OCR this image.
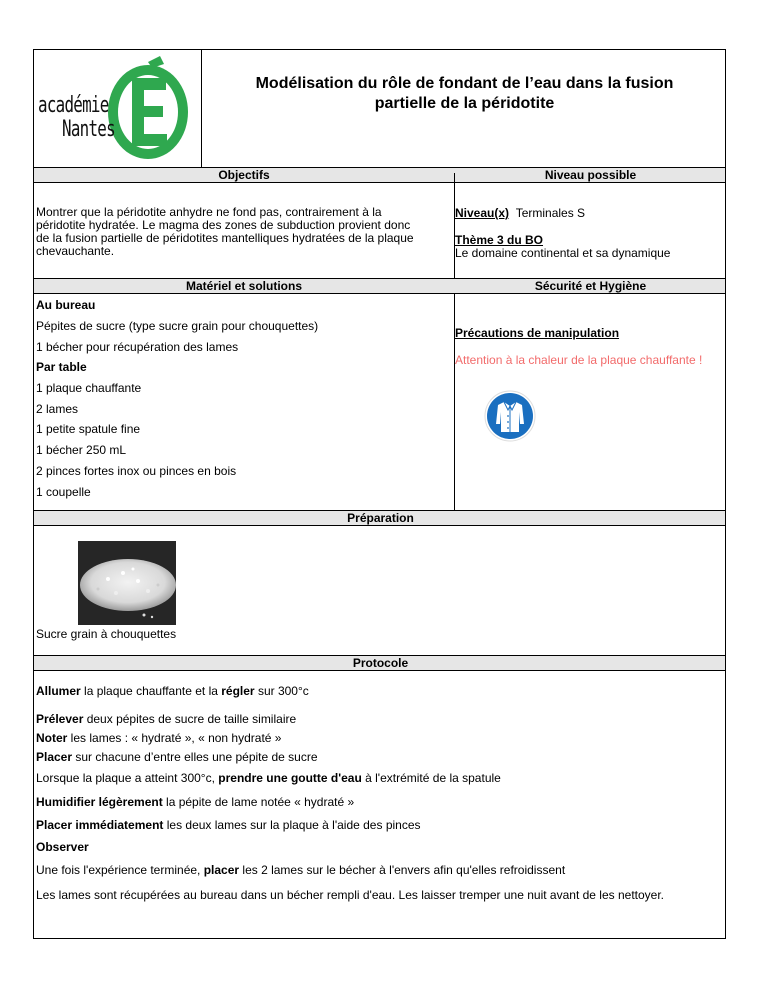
académie
Nantes
Modélisation du rôle de fondant de l’eau dans la fusion
partielle de la péridotite
Objectifs	Niveau possible
Montrer que la péridotite anhydre ne fond pas, contrairement à la
péridotite hydratée. Le magma des zones de subduction provient donc
de la fusion partielle de péridotites mantelliques hydratées de la plaque
chevauchante.
Niveau(x) Terminales S
Thème 3 du BO
Le domaine continental et sa dynamique
Matériel et solutions	Sécurité et Hygiène
Au bureau
Pépites de sucre (type sucre grain pour chouquettes)
1 bécher pour récupération des lames
Par table
1 plaque chauffante
2 lames
1 petite spatule fine
1 bécher 250 mL
2 pinces fortes inox ou pinces en bois
1 coupelle
Précautions de manipulation
Attention à la chaleur de la plaque chauffante !
Préparation
Sucre grain à chouquettes
Protocole
Allumer la plaque chauffante et la régler sur 300°c
Prélever deux pépites de sucre de taille similaire
Noter les lames : « hydraté », « non hydraté »
Placer sur chacune d’entre elles une pépite de sucre
Lorsque la plaque a atteint 300°c, prendre une goutte d'eau à l'extrémité de la spatule
Humidifier légèrement la pépite de lame notée « hydraté »
Placer immédiatement les deux lames sur la plaque à l'aide des pinces
Observer
Une fois l'expérience terminée, placer les 2 lames sur le bécher à l'envers afin qu'elles refroidissent
Les lames sont récupérées au bureau dans un bécher rempli d'eau. Les laisser tremper une nuit avant de les nettoyer.
